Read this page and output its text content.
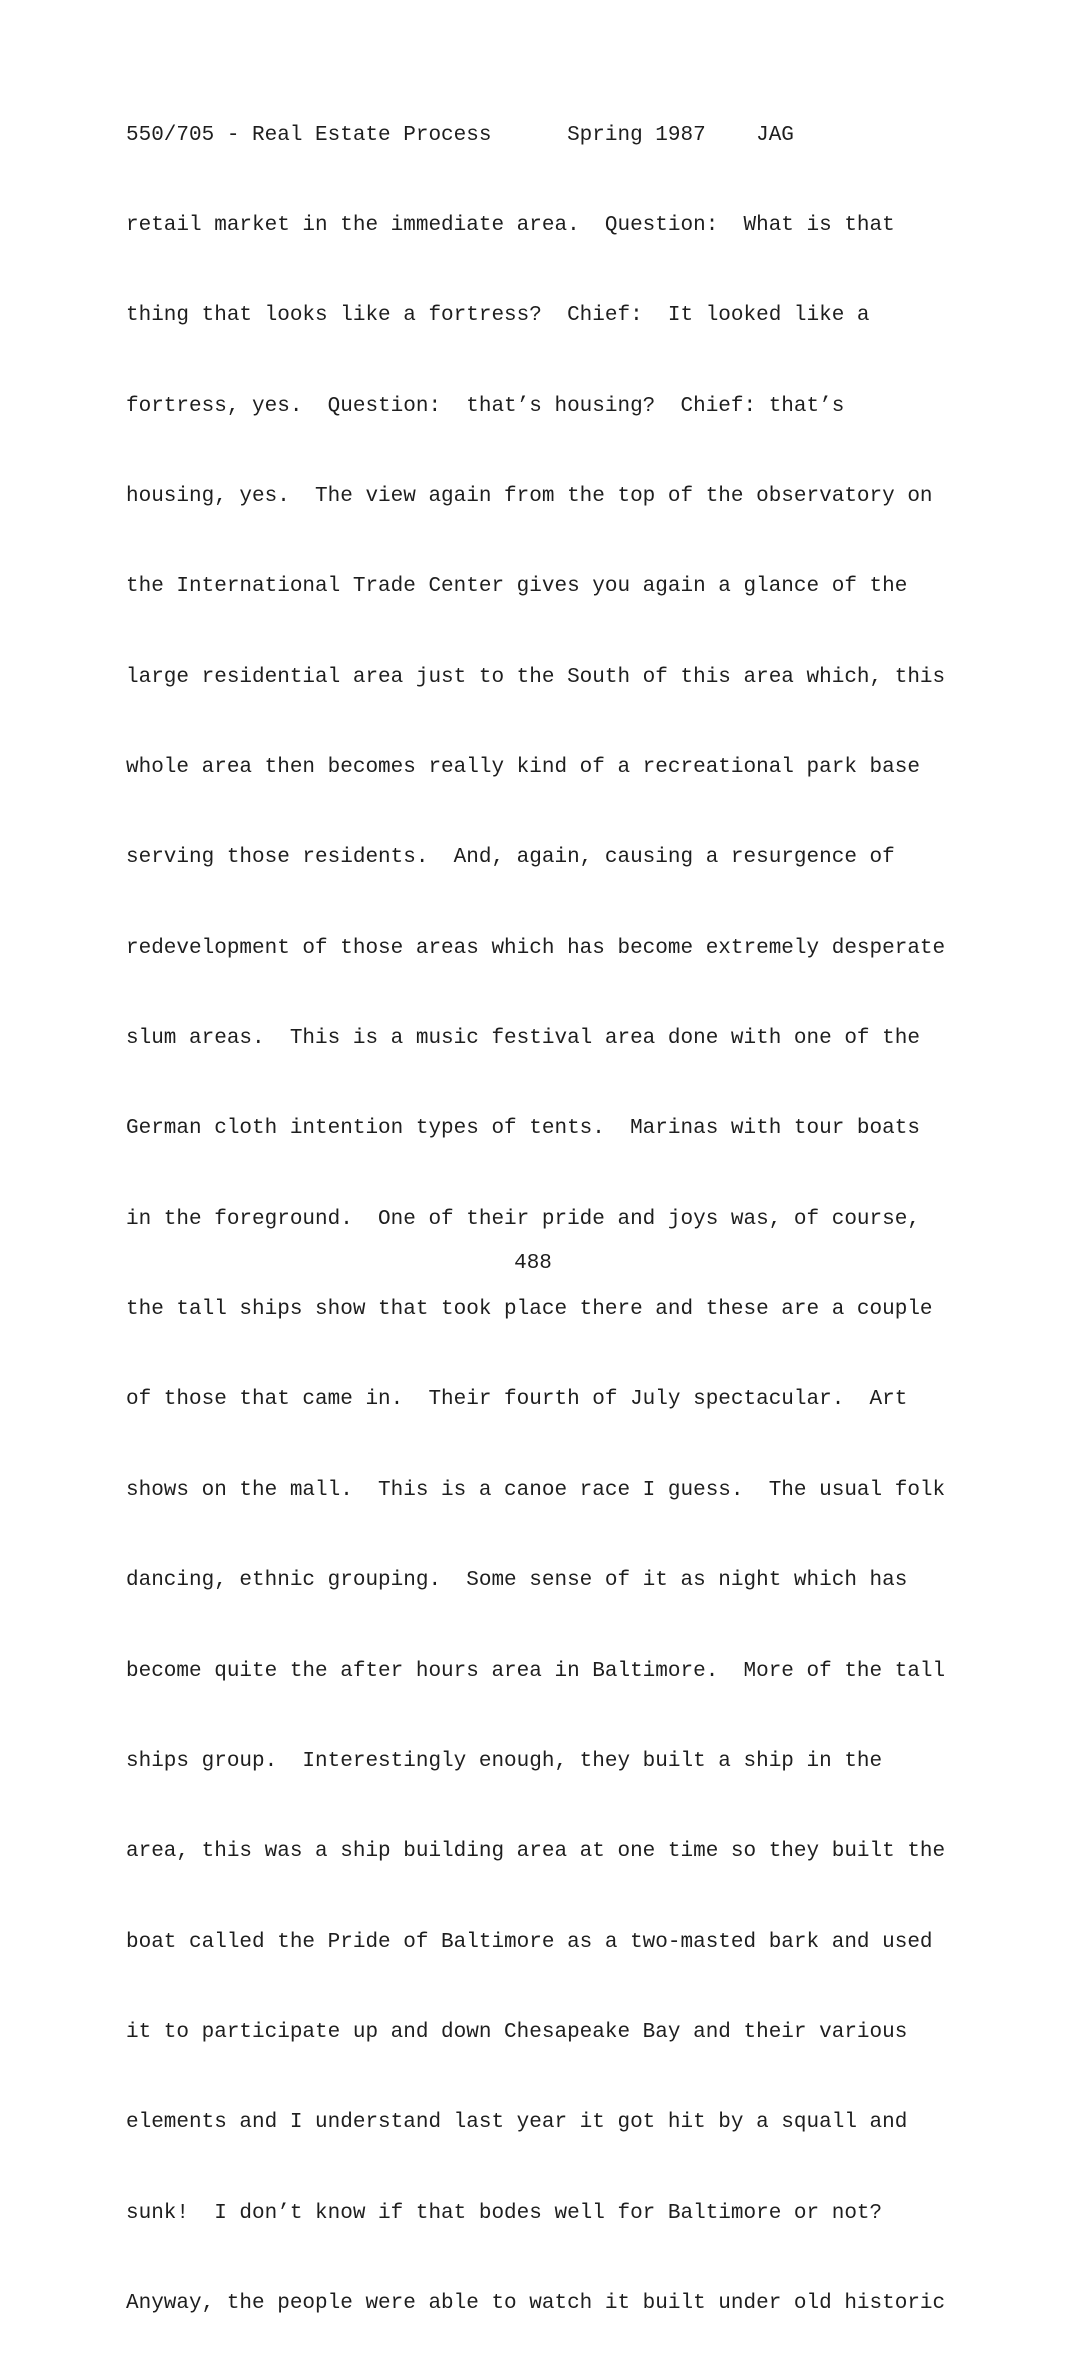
550/705 - Real Estate Process      Spring 1987    JAG

retail market in the immediate area.  Question:  What is that

thing that looks like a fortress?  Chief:  It looked like a

fortress, yes.  Question:  that’s housing?  Chief: that’s

housing, yes.  The view again from the top of the observatory on

the International Trade Center gives you again a glance of the

large residential area just to the South of this area which, this

whole area then becomes really kind of a recreational park base

serving those residents.  And, again, causing a resurgence of

redevelopment of those areas which has become extremely desperate

slum areas.  This is a music festival area done with one of the

German cloth intention types of tents.  Marinas with tour boats

in the foreground.  One of their pride and joys was, of course,

the tall ships show that took place there and these are a couple

of those that came in.  Their fourth of July spectacular.  Art

shows on the mall.  This is a canoe race I guess.  The usual folk

dancing, ethnic grouping.  Some sense of it as night which has

become quite the after hours area in Baltimore.  More of the tall

ships group.  Interestingly enough, they built a ship in the

area, this was a ship building area at one time so they built the

boat called the Pride of Baltimore as a two-masted bark and used

it to participate up and down Chesapeake Bay and their various

elements and I understand last year it got hit by a squall and

sunk!  I don’t know if that bodes well for Baltimore or not?

Anyway, the people were able to watch it built under old historic

488
